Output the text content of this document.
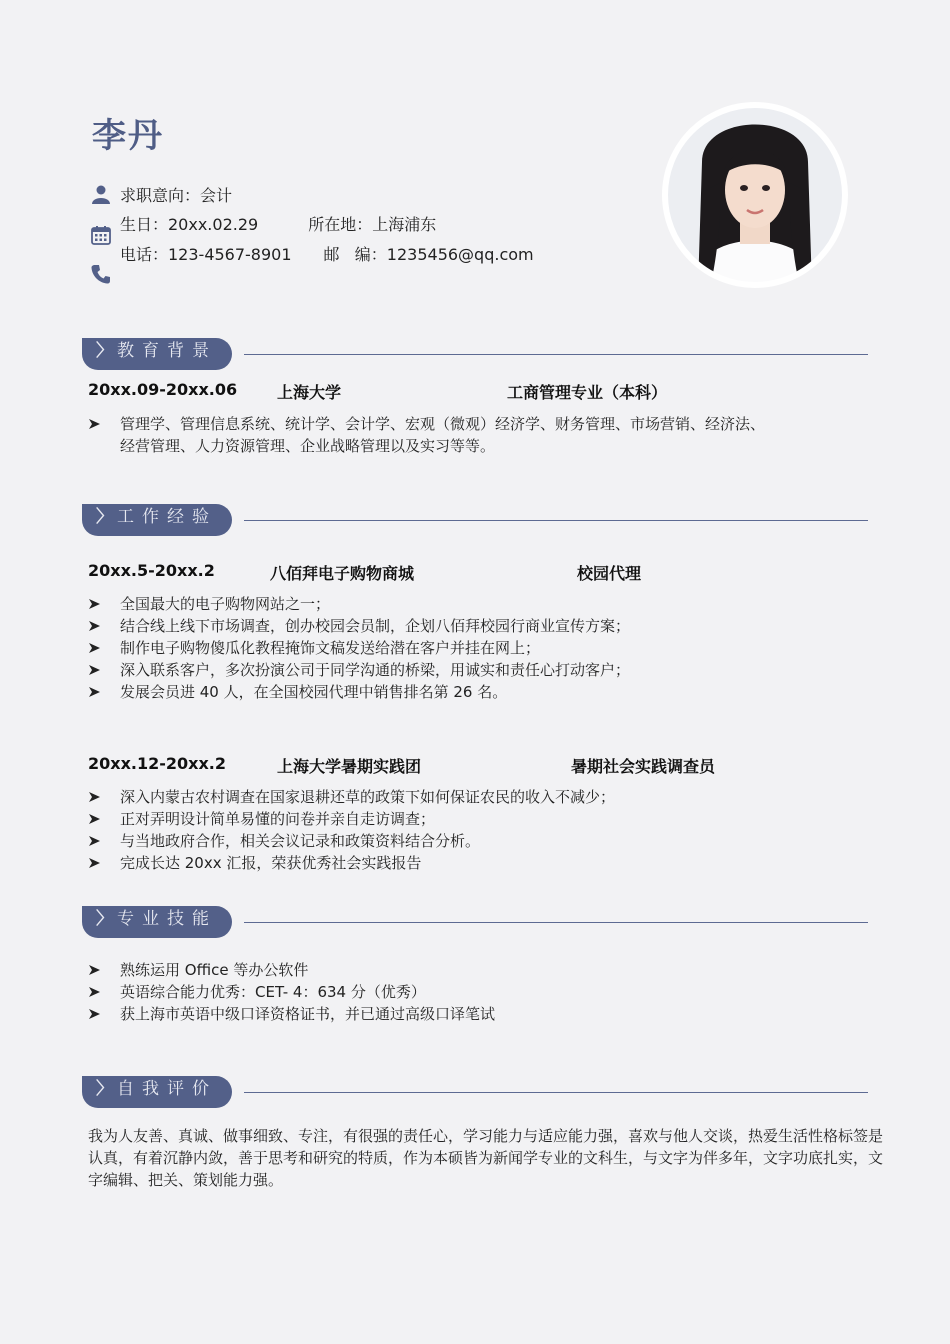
李丹
求职意向：会计
生日：20xx.02.29	所在地：上海浦东
电话：123-4567-8901 邮   编：1235456@qq.com
〉 教育背景
20xx.09-20xx.06 上海大学	工商管理专业（本科）
管理学、管理信息系统、统计学、会计学、宏观（微观）经济学、财务管理、市场营销、经济法、经营管理、人力资源管理、企业战略管理以及实习等等。
〉 工作经验
20xx.5-20xx.2	八佰拜电子购物商城	校园代理
全国最大的电子购物网站之一；
结合线上线下市场调查，创办校园会员制，企划八佰拜校园行商业宣传方案；
制作电子购物傻瓜化教程掩饰文稿发送给潜在客户并挂在网上；
深入联系客户，多次扮演公司于同学沟通的桥梁，用诚实和责任心打动客户；
发展会员进 40 人，在全国校园代理中销售排名第 26 名。
20xx.12-20xx.2	上海大学暑期实践团	暑期社会实践调查员
深入内蒙古农村调查在国家退耕还草的政策下如何保证农民的收入不减少；
正对弄明设计简单易懂的问卷并亲自走访调查；
与当地政府合作，相关会议记录和政策资料结合分析。
完成长达 20xx 汇报，荣获优秀社会实践报告
〉 专业技能
熟练运用 Office 等办公软件
英语综合能力优秀：CET- 4：634 分（优秀）
获上海市英语中级口译资格证书，并已通过高级口译笔试
〉 自我评价
我为人友善、真诚、做事细致、专注，有很强的责任心，学习能力与适应能力强，喜欢与他人交谈，热爱生活性格标签是认真，有着沉静内敛，善于思考和研究的特质，作为本硕皆为新闻学专业的文科生，与文字为伴多年，文字功底扎实，文字编辑、把关、策划能力强。
